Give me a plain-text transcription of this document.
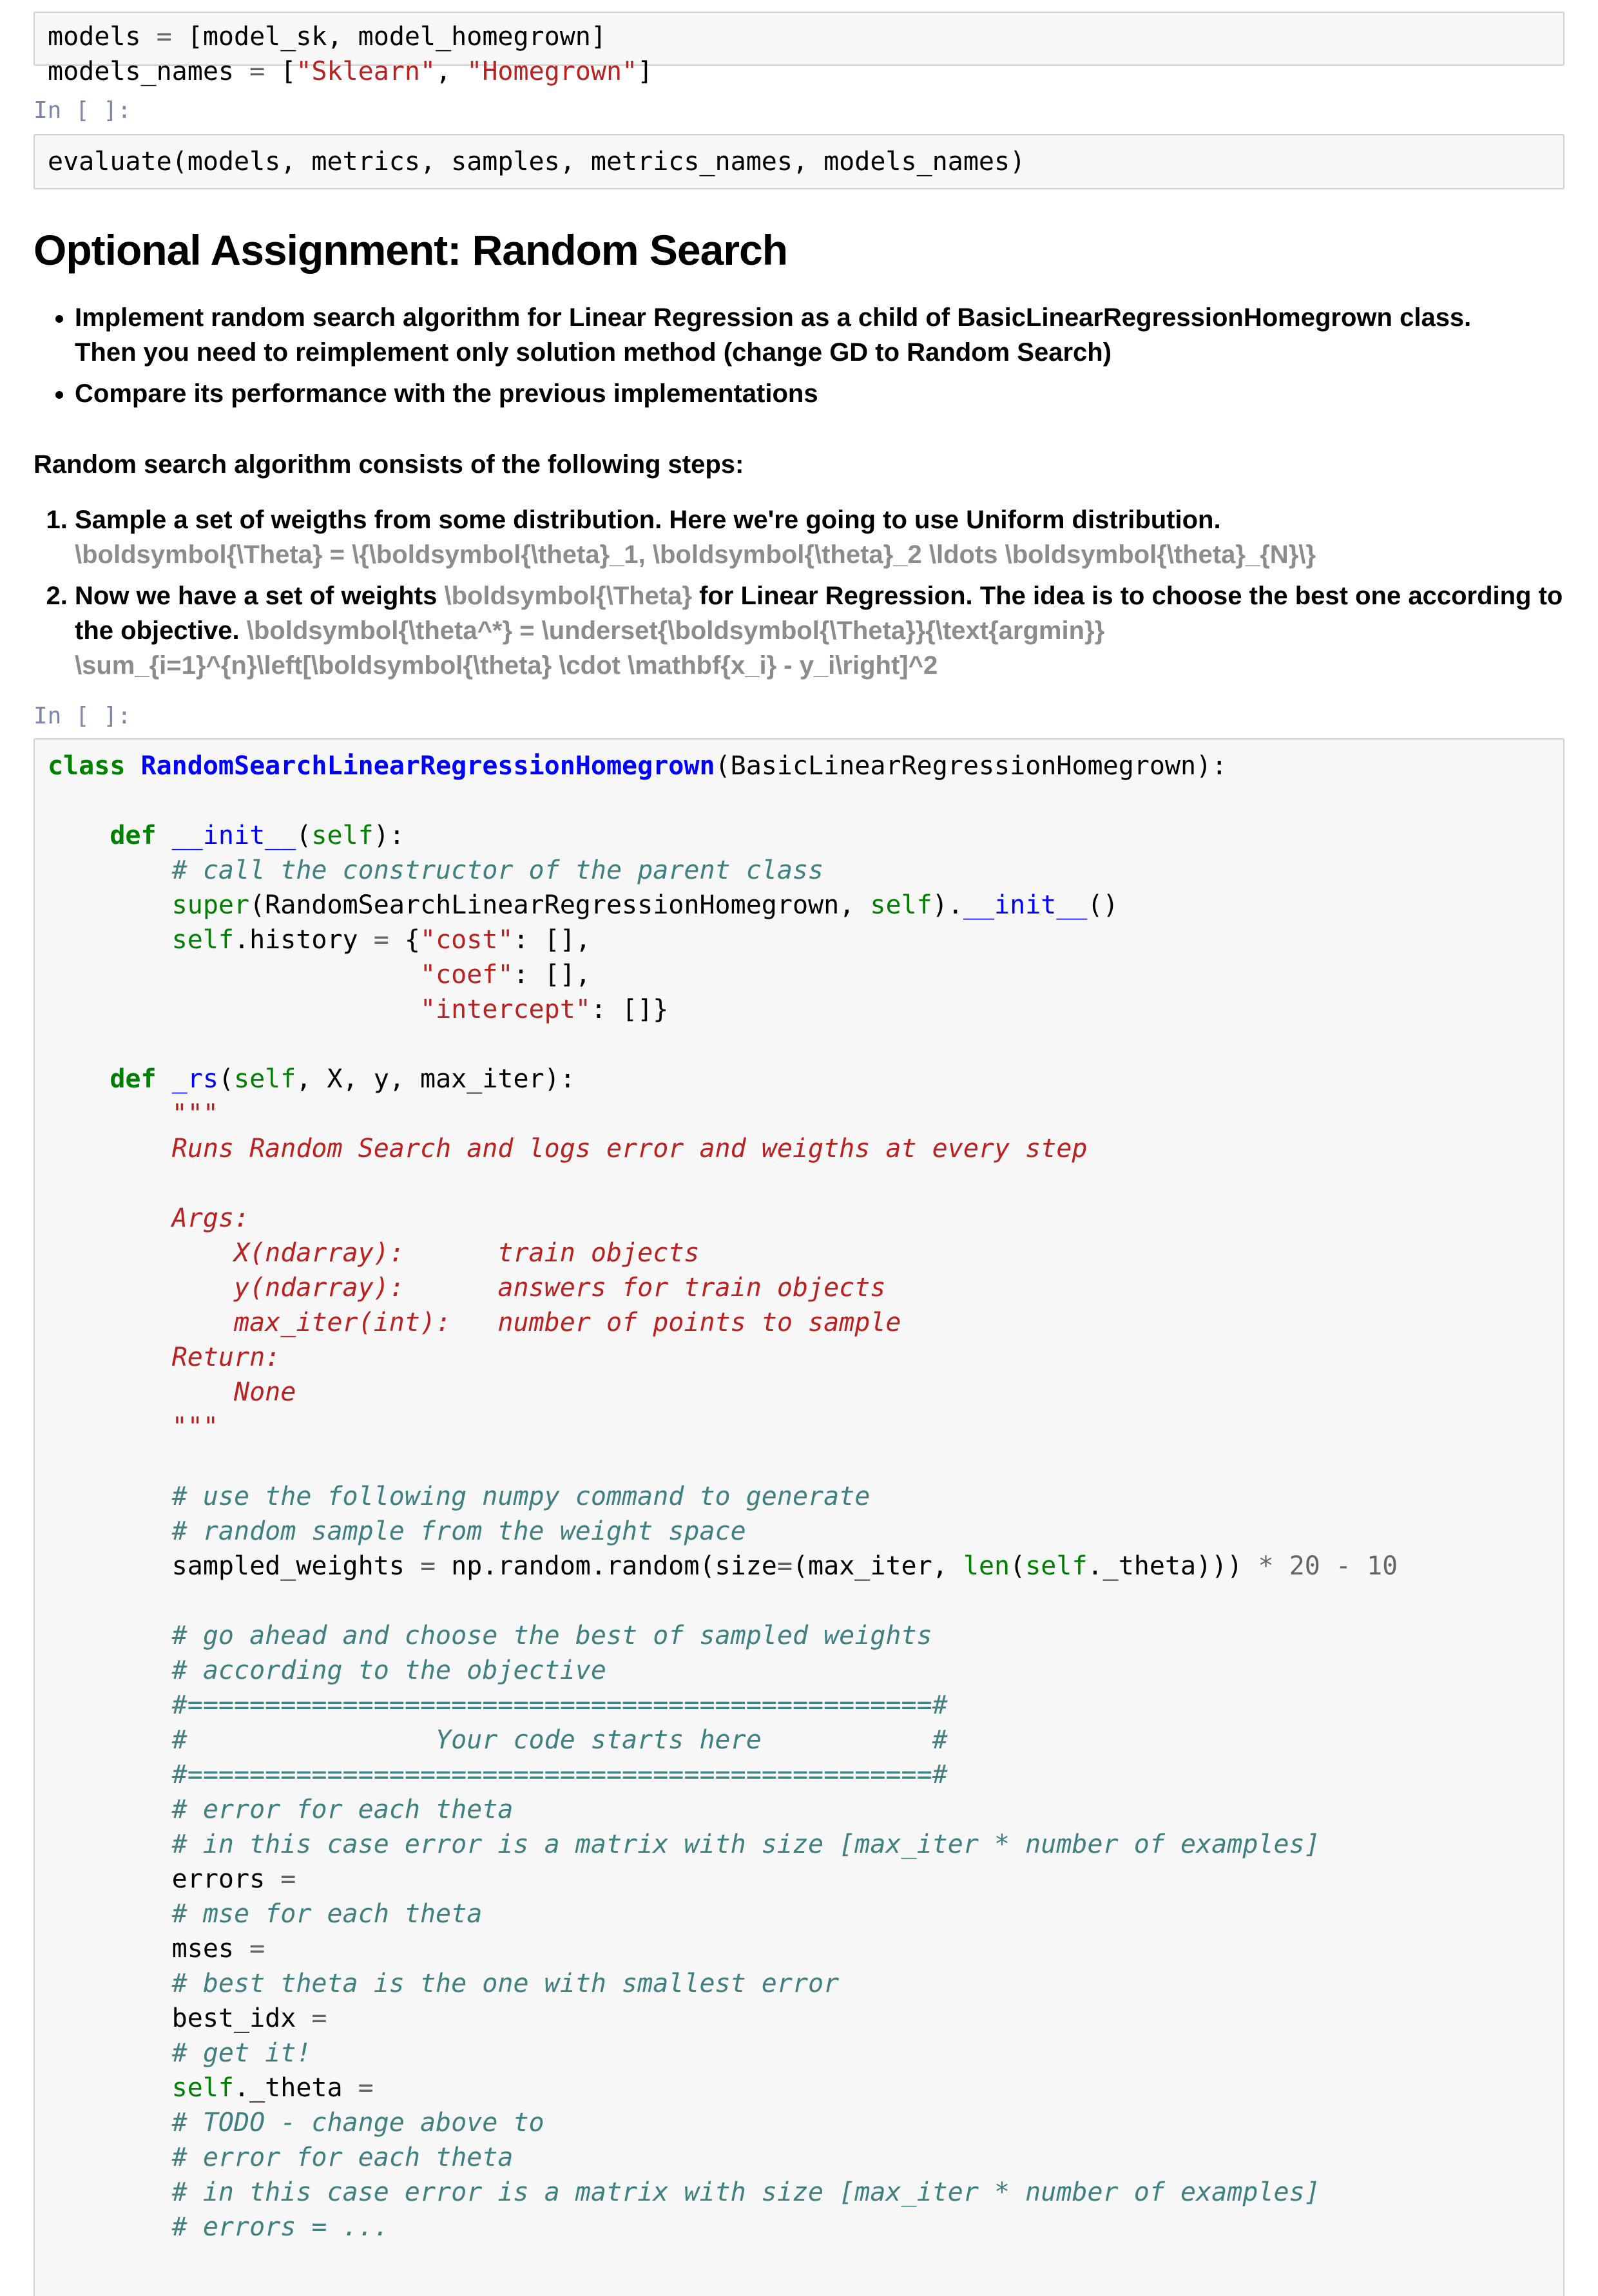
models = [model_sk, model_homegrown]
models_names = ["Sklearn", "Homegrown"]
In [ ]:
evaluate(models, metrics, samples, metrics_names, models_names)
Optional Assignment: Random Search
• Implement random search algorithm for Linear Regression as a child of BasicLinearRegressionHomegrown class. Then you need to reimplement only solution method (change GD to Random Search)
• Compare its performance with the previous implementations

Random search algorithm consists of the following steps:

1. Sample a set of weigths from some distribution. Here we're going to use Uniform distribution. \boldsymbol{\Theta} = \{\boldsymbol{\theta}_1, \boldsymbol{\theta}_2 \ldots \boldsymbol{\theta}_{N}\}
2. Now we have a set of weights \boldsymbol{\Theta} for Linear Regression. The idea is to choose the best one according to the objective. \boldsymbol{\theta^*} = \underset{\boldsymbol{\Theta}}{\text{argmin}} \sum_{i=1}^{n}\left[\boldsymbol{\theta} \cdot \mathbf{x_i} - y_i\right]^2
In [ ]:
class RandomSearchLinearRegressionHomegrown(BasicLinearRegressionHomegrown):

def __init__(self):
# call the constructor of the parent class
super(RandomSearchLinearRegressionHomegrown, self).__init__()
self.history = {"cost": [],
"coef": [],
"intercept": []}

def _rs(self, X, y, max_iter):
"""
Runs Random Search and logs error and weigths at every step

Args:
X(ndarray):      train objects
y(ndarray):      answers for train objects
max_iter(int):   number of points to sample
Return:
None
"""

# use the following numpy command to generate
# random sample from the weight space
sampled_weights = np.random.random(size=(max_iter, len(self._theta))) * 20 - 10

# go ahead and choose the best of sampled weights
# according to the objective
#================================================#
#                Your code starts here           #
#================================================#
# error for each theta
# in this case error is a matrix with size [max_iter * number of examples]
errors =
# mse for each theta
mses =
# best theta is the one with smallest error
best_idx =
# get it!
self._theta =
# TODO - change above to
# error for each theta
# in this case error is a matrix with size [max_iter * number of examples]
# errors = ...
